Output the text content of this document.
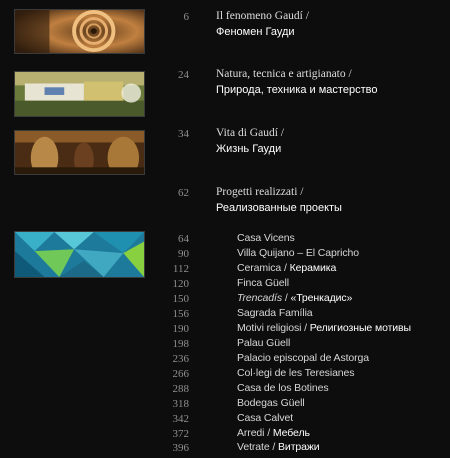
6 Il fenomeno Gaudí /
Феномен Гауди
24 Natura, tecnica e artigianato /
Природа, техника и мастерство
34 Vita di Gaudí /
Жизнь Гауди
62 Progetti realizzati /
Реализованные проекты
64	Casa Vicens
90	Villa Quijano – El Capricho
112	Ceramica / Керамика
120	Finca Güell
150	Trencadís / «Тренкадис»
156	Sagrada Família
190	Motivi religiosi / Религиозные мотивы
198	Palau Güell
236	Palacio episcopal de Astorga
266	Col·legi de les Teresianes
288	Casa de los Botines
318	Bodegas Güell
342	Casa Calvet
372	Arredi / Мебель
396	Vetrate / Витражи
